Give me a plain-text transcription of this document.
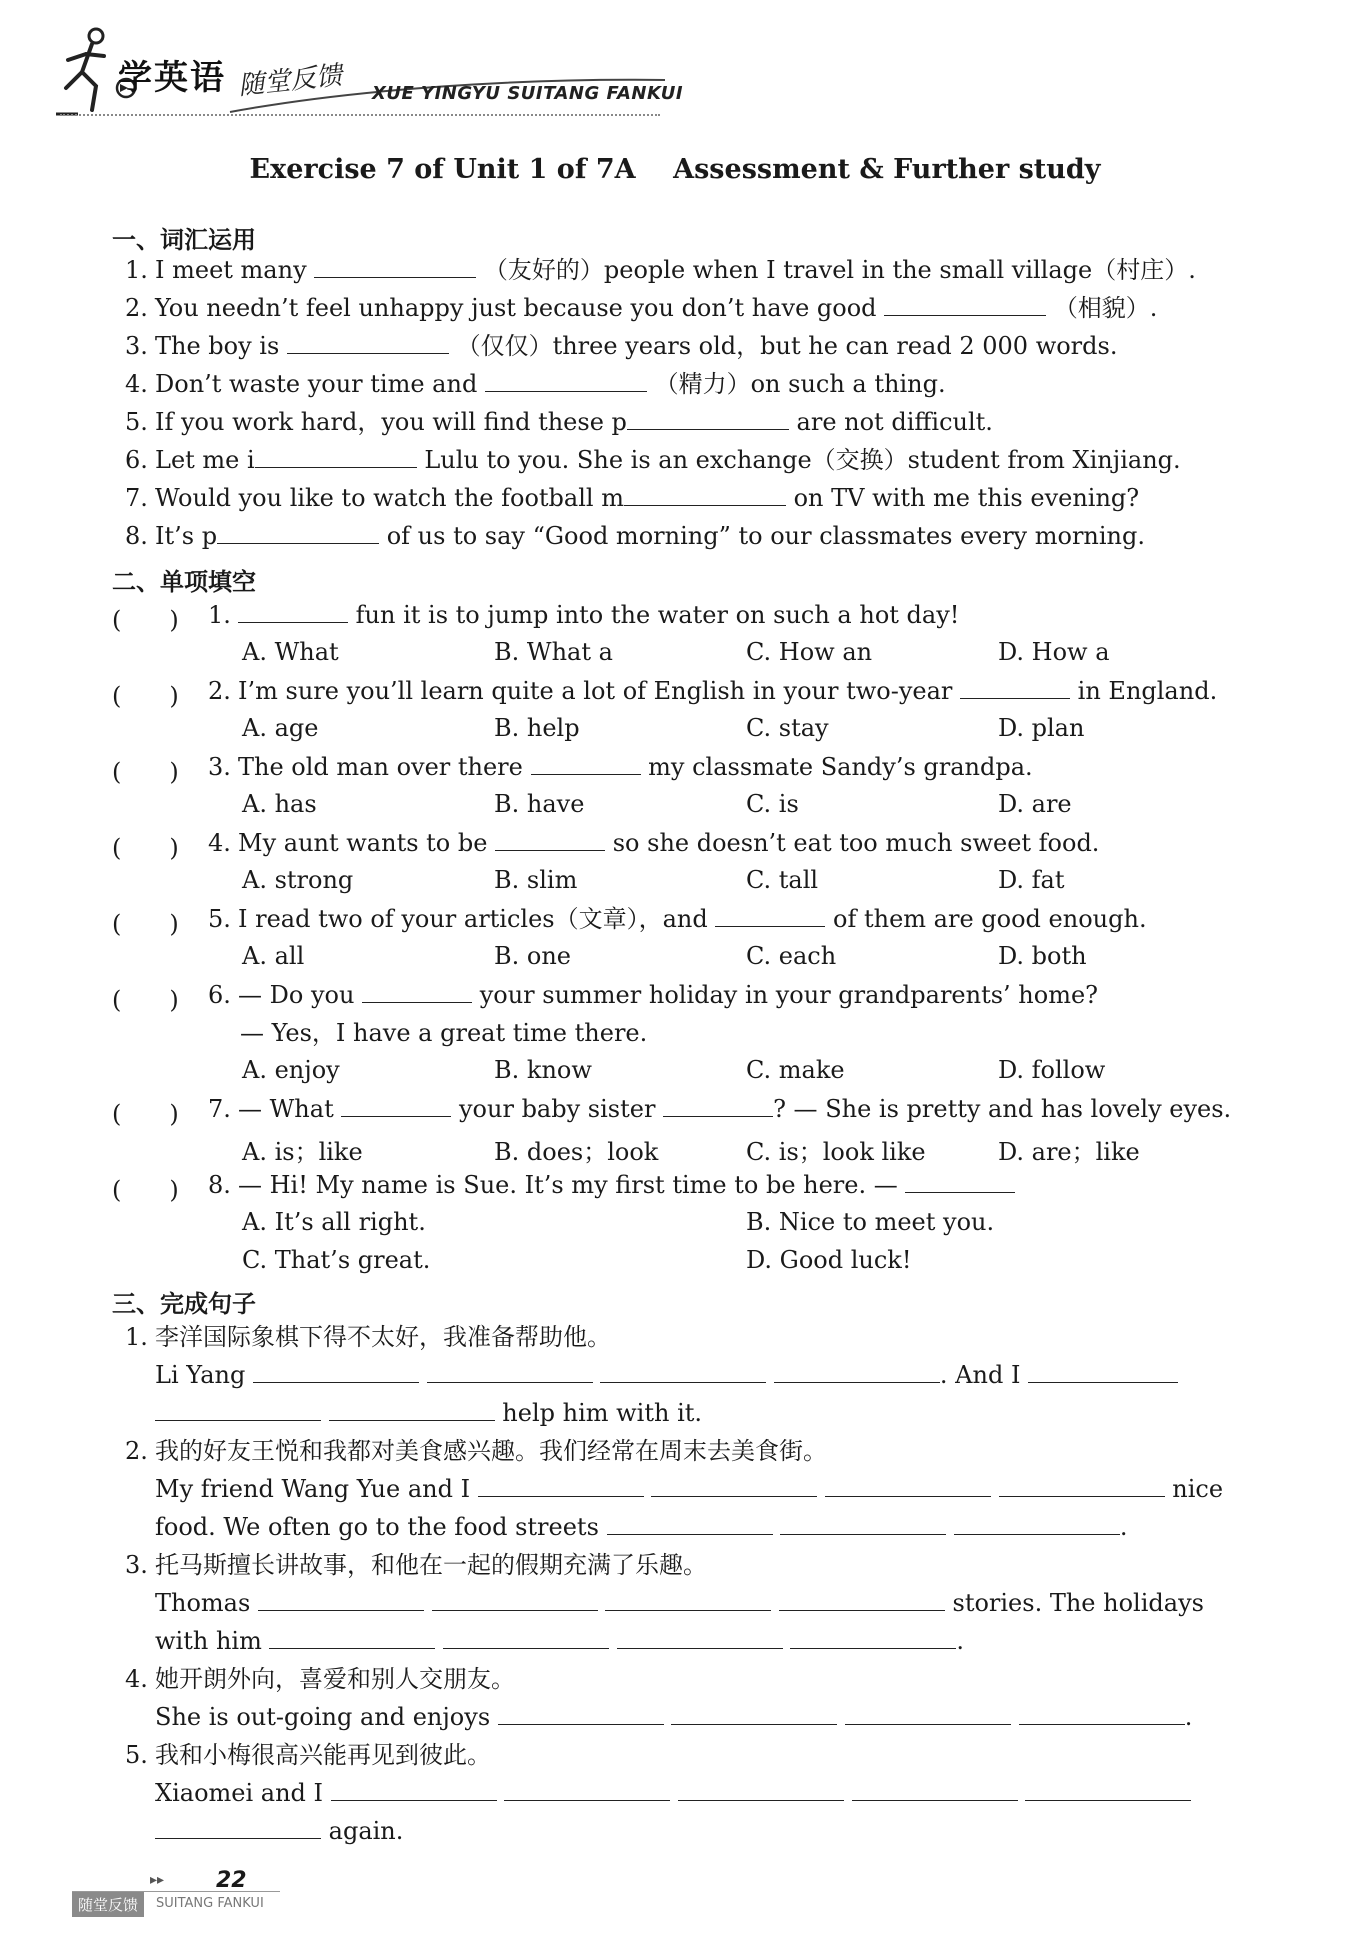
学英语 随堂反馈 XUE YINGYU SUITANG FANKUI
Exercise 7 of Unit 1 of 7A    Assessment & Further study
一、词汇运用
1. I meet many	（友好的）people when I travel in the small village（村庄）.
2. You needn’t feel unhappy just because you don’t have good	（相貌）.
3. The boy is	（仅仅）three years old，but he can read 2 000 words.
4. Don’t waste your time and	（精力）on such a thing.
5. If you work hard，you will find these p	are not difficult.
6. Let me i	Lulu to you. She is an exchange（交换）student from Xinjiang.
7. Would you like to watch the football m	on TV with me this evening?
8. It’s p	of us to say “Good morning” to our classmates every morning.
二、单项填空
(　　) 1.	fun it is to jump into the water on such a hot day!
A. What	B. What a	C. How an	D. How a
(　　) 2. I’m sure you’ll learn quite a lot of English in your two-year	in England.
A. age	B. help	C. stay	D. plan
(　　) 3. The old man over there	my classmate Sandy’s grandpa.
A. has	B. have	C. is	D. are
(　　) 4. My aunt wants to be	so she doesn’t eat too much sweet food.
A. strong	B. slim	C. tall	D. fat
(　　) 5. I read two of your articles（文章），and	of them are good enough.
A. all	B. one	C. each	D. both
(　　) 6. — Do you	your summer holiday in your grandparents’ home?
— Yes，I have a great time there.
A. enjoy	B. know	C. make	D. follow
(　　) 7. — What	your baby sister	? — She is pretty and has lovely eyes.
A. is；like	B. does；look	C. is；look like	D. are；like
(　　) 8. — Hi! My name is Sue. It’s my first time to be here. —
A. It’s all right.	B. Nice to meet you.
C. That’s great.	D. Good luck!
三、完成句子
1. 李洋国际象棋下得不太好，我准备帮助他。
Li Yang	. And I
help him with it.
2. 我的好友王悦和我都对美食感兴趣。我们经常在周末去美食街。
My friend Wang Yue and I	nice
food. We often go to the food streets	.
3. 托马斯擅长讲故事，和他在一起的假期充满了乐趣。
Thomas	stories. The holidays
with him	.
4. 她开朗外向，喜爱和别人交朋友。
She is out-going and enjoys	.
5. 我和小梅很高兴能再见到彼此。
Xiaomei and I
again.
▸▸ 22
随堂反馈	SUITANG FANKUI
